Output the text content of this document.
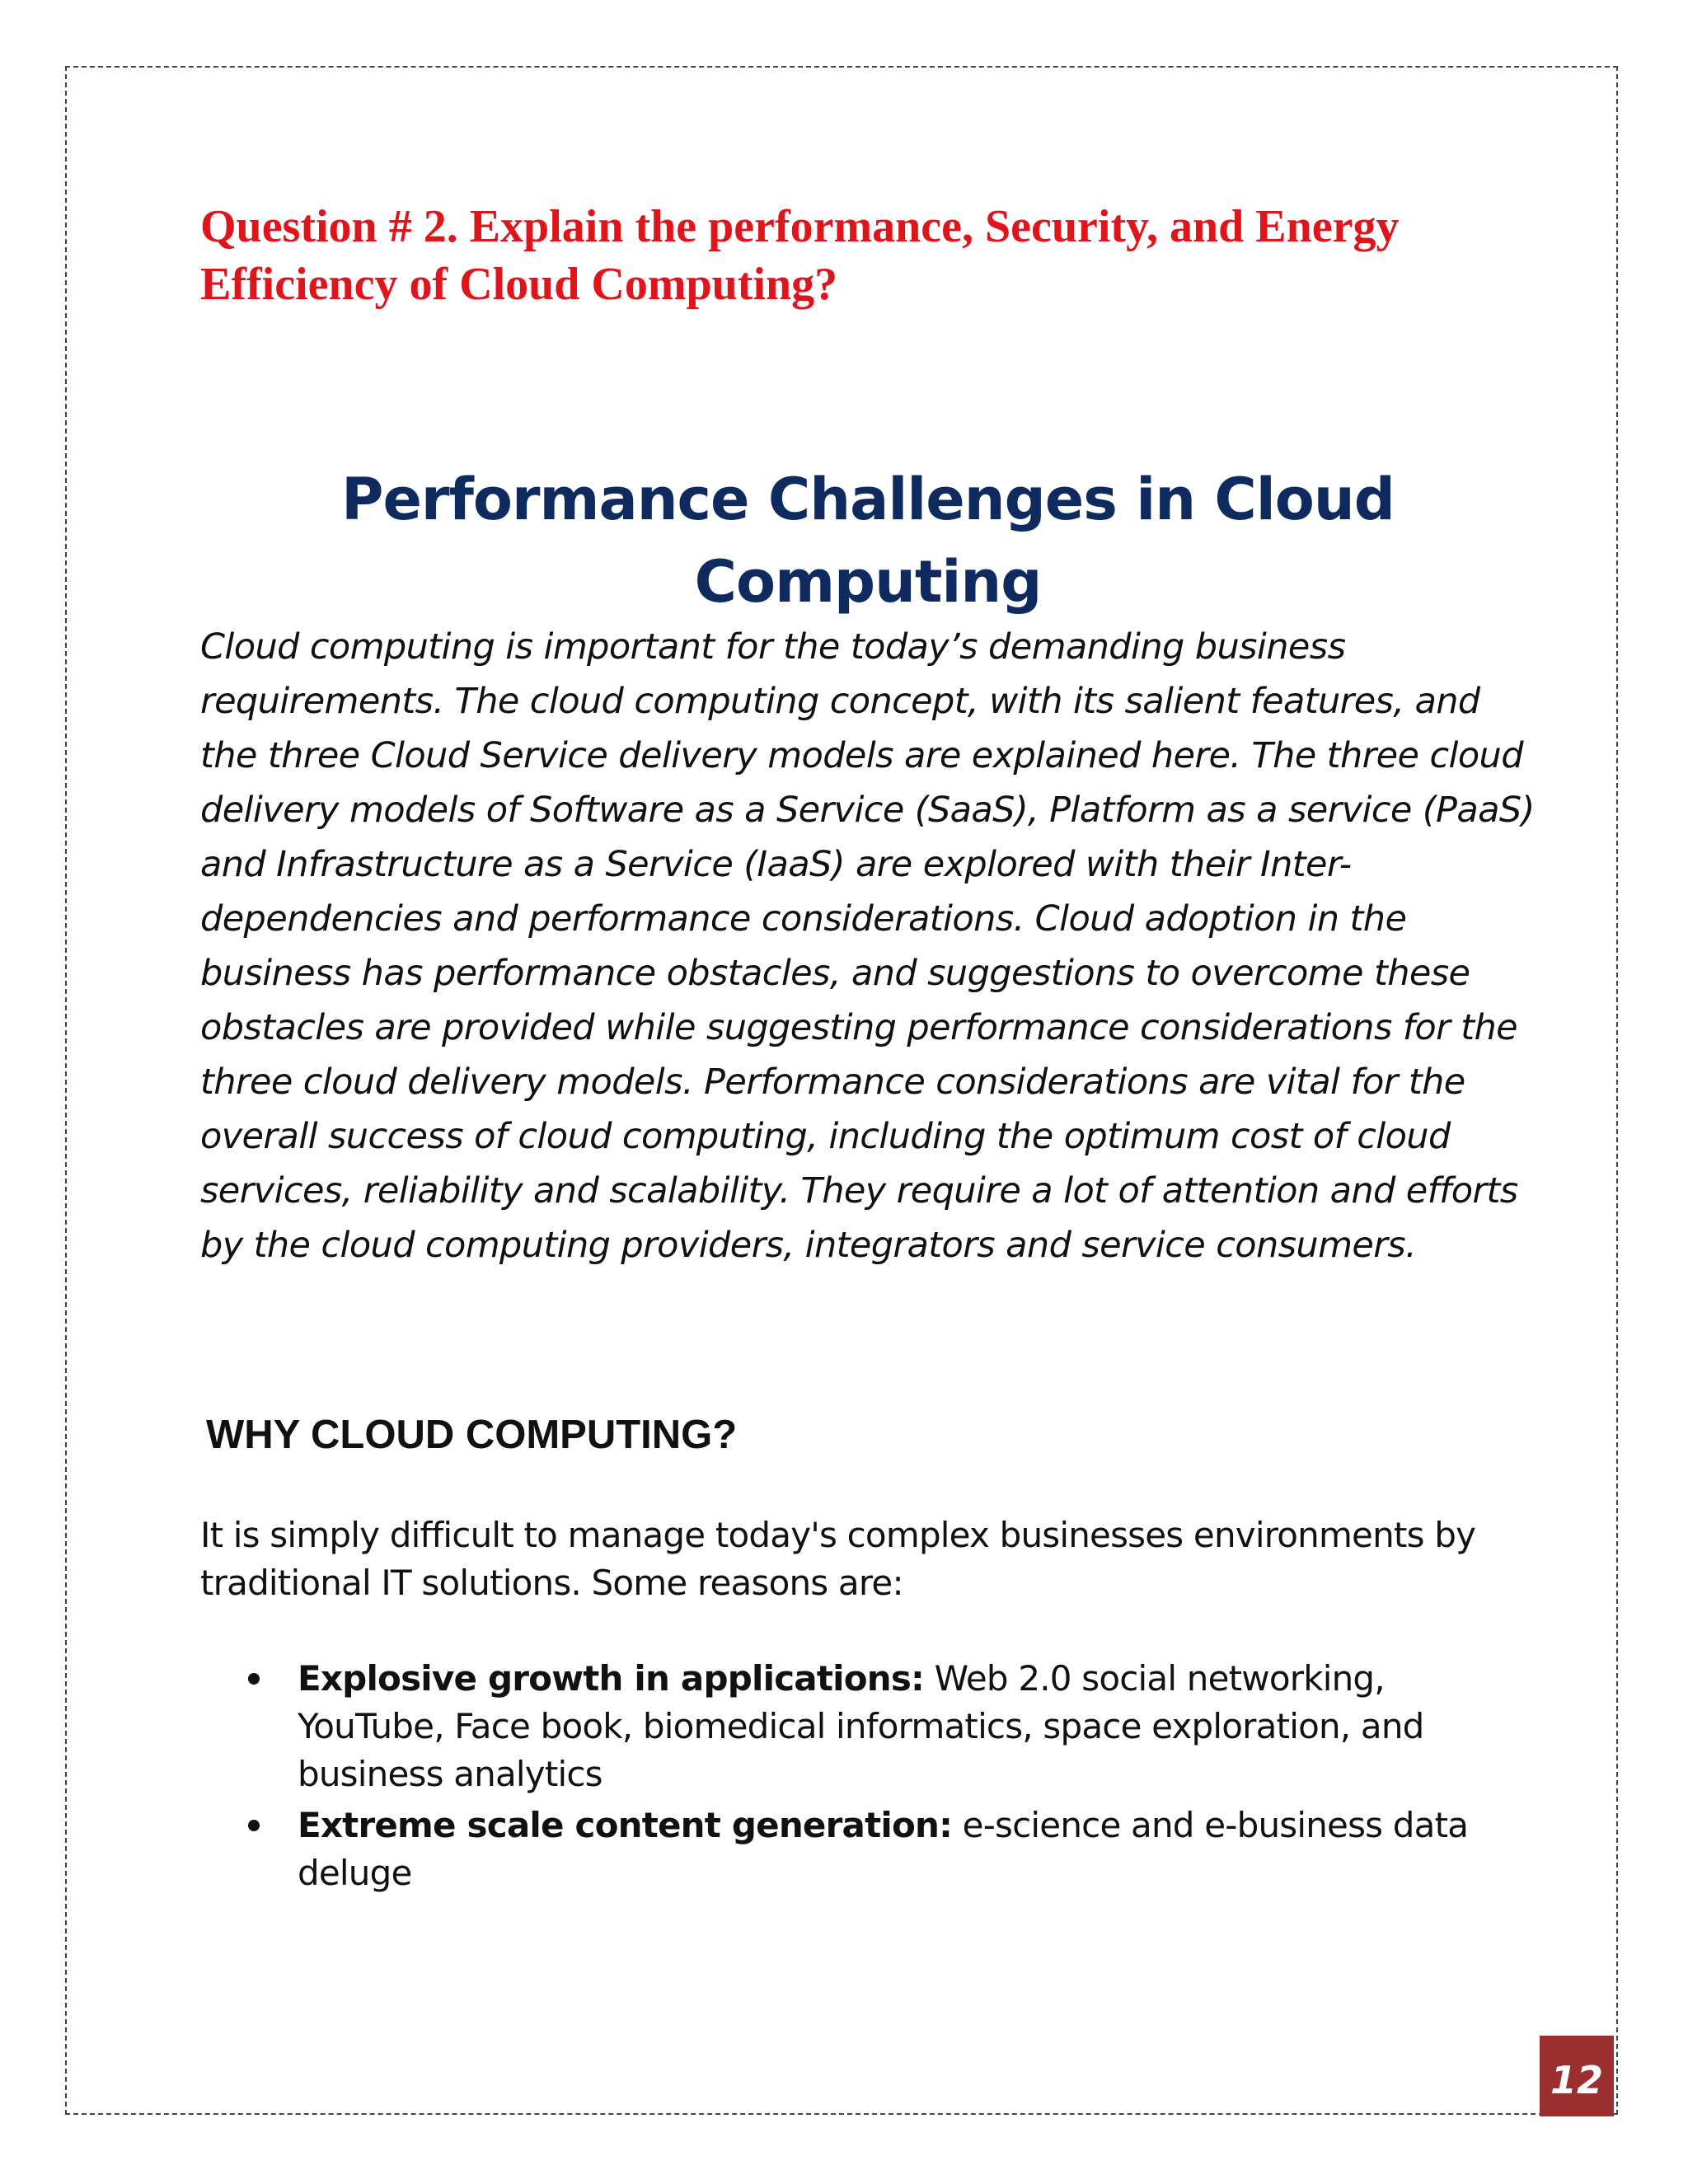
Question # 2. Explain the performance, Security, and Energy Efficiency of Cloud Computing?
Performance Challenges in Cloud Computing

Cloud computing is important for the today’s demanding business requirements. The cloud computing concept, with its salient features, and the three Cloud Service delivery models are explained here. The three cloud delivery models of Software as a Service (SaaS), Platform as a service (PaaS) and Infrastructure as a Service (IaaS) are explored with their Inter-dependencies and performance considerations. Cloud adoption in the business has performance obstacles, and suggestions to overcome these obstacles are provided while suggesting performance considerations for the three cloud delivery models. Performance considerations are vital for the overall success of cloud computing, including the optimum cost of cloud services, reliability and scalability. They require a lot of attention and efforts by the cloud computing providers, integrators and service consumers.

WHY CLOUD COMPUTING?

It is simply difficult to manage today's complex businesses environments by traditional IT solutions. Some reasons are:

Explosive growth in applications: Web 2.0 social networking, YouTube, Face book, biomedical informatics, space exploration, and business analytics
Extreme scale content generation: e-science and e-business data deluge
12
